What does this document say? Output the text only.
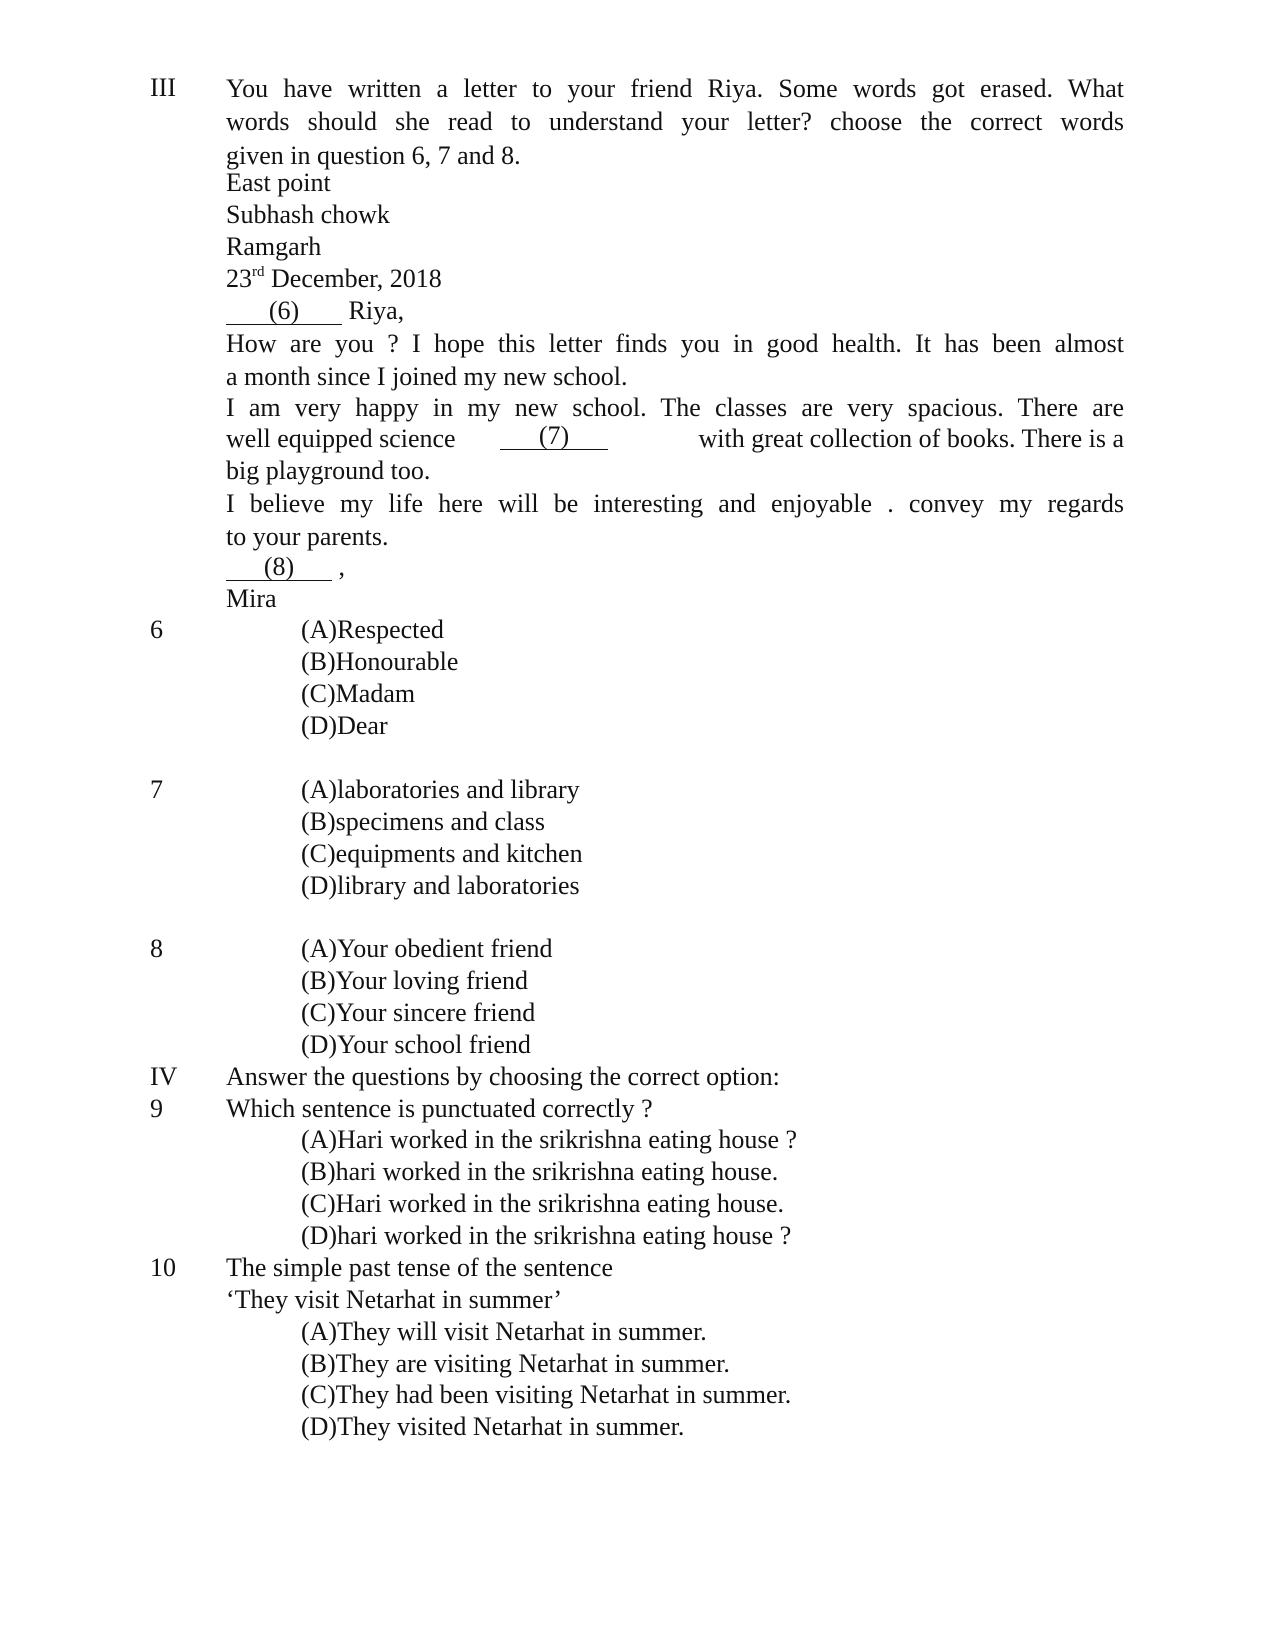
III You have written a letter to your friend Riya. Some words got erased. What
words should she read to understand your letter? choose the correct words
given in question 6, 7 and 8.
East point
Subhash chowk
Ramgarh
23rd December, 2018
(6) Riya,
How are you ? I hope this letter finds you in good health. It has been almost
a month since I joined my new school.
I am very happy in my new school. The classes are very spacious. There are
well equipped science	(7)	with great collection of books. There is a
big playground too.
I believe my life here will be interesting and enjoyable . convey my regards
to your parents.
(8) ,
Mira
6	(A)Respected
(B)Honourable
(C)Madam
(D)Dear
7	(A)laboratories and library
(B)specimens and class
(C)equipments and kitchen
(D)library and laboratories
8	(A)Your obedient friend
(B)Your loving friend
(C)Your sincere friend
(D)Your school friend
IV Answer the questions by choosing the correct option:
9 Which sentence is punctuated correctly ?
(A)Hari worked in the srikrishna eating house ?
(B)hari worked in the srikrishna eating house.
(C)Hari worked in the srikrishna eating house.
(D)hari worked in the srikrishna eating house ?
10 The simple past tense of the sentence
‘They visit Netarhat in summer’
(A)They will visit Netarhat in summer.
(B)They are visiting Netarhat in summer.
(C)They had been visiting Netarhat in summer.
(D)They visited Netarhat in summer.
